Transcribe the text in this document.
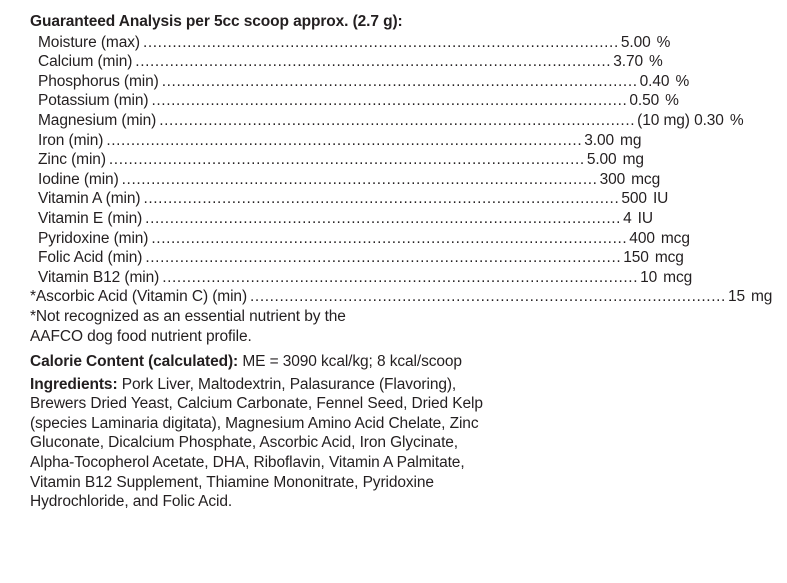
Guaranteed Analysis per 5cc scoop approx. (2.7 g):
Moisture (max) ................................................................................................. 5.00 %
Calcium (min) ................................................................................................. 3.70 %
Phosphorus (min) ................................................................................................. 0.40 %
Potassium (min) ................................................................................................. 0.50 %
Magnesium (min) ................................................................................................. (10 mg) 0.30 %
Iron (min) ................................................................................................. 3.00 mg
Zinc (min) ................................................................................................. 5.00 mg
Iodine (min) ................................................................................................. 300 mcg
Vitamin A (min) ................................................................................................. 500 IU
Vitamin E (min) ................................................................................................. 4 IU
Pyridoxine (min) ................................................................................................. 400 mcg
Folic Acid (min) ................................................................................................. 150 mcg
Vitamin B12 (min) ................................................................................................. 10 mcg
*Ascorbic Acid (Vitamin C) (min) ................................................................................................. 15 mg
*Not recognized as an essential nutrient by the
AAFCO dog food nutrient profile.
Calorie Content (calculated): ME = 3090 kcal/kg; 8 kcal/scoop
Ingredients: Pork Liver, Maltodextrin, Palasurance (Flavoring), Brewers Dried Yeast, Calcium Carbonate, Fennel Seed, Dried Kelp (species Laminaria digitata), Magnesium Amino Acid Chelate, Zinc Gluconate, Dicalcium Phosphate, Ascorbic Acid, Iron Glycinate, Alpha-Tocopherol Acetate, DHA, Riboflavin, Vitamin A Palmitate, Vitamin B12 Supplement, Thiamine Mononitrate, Pyridoxine Hydrochloride, and Folic Acid.
